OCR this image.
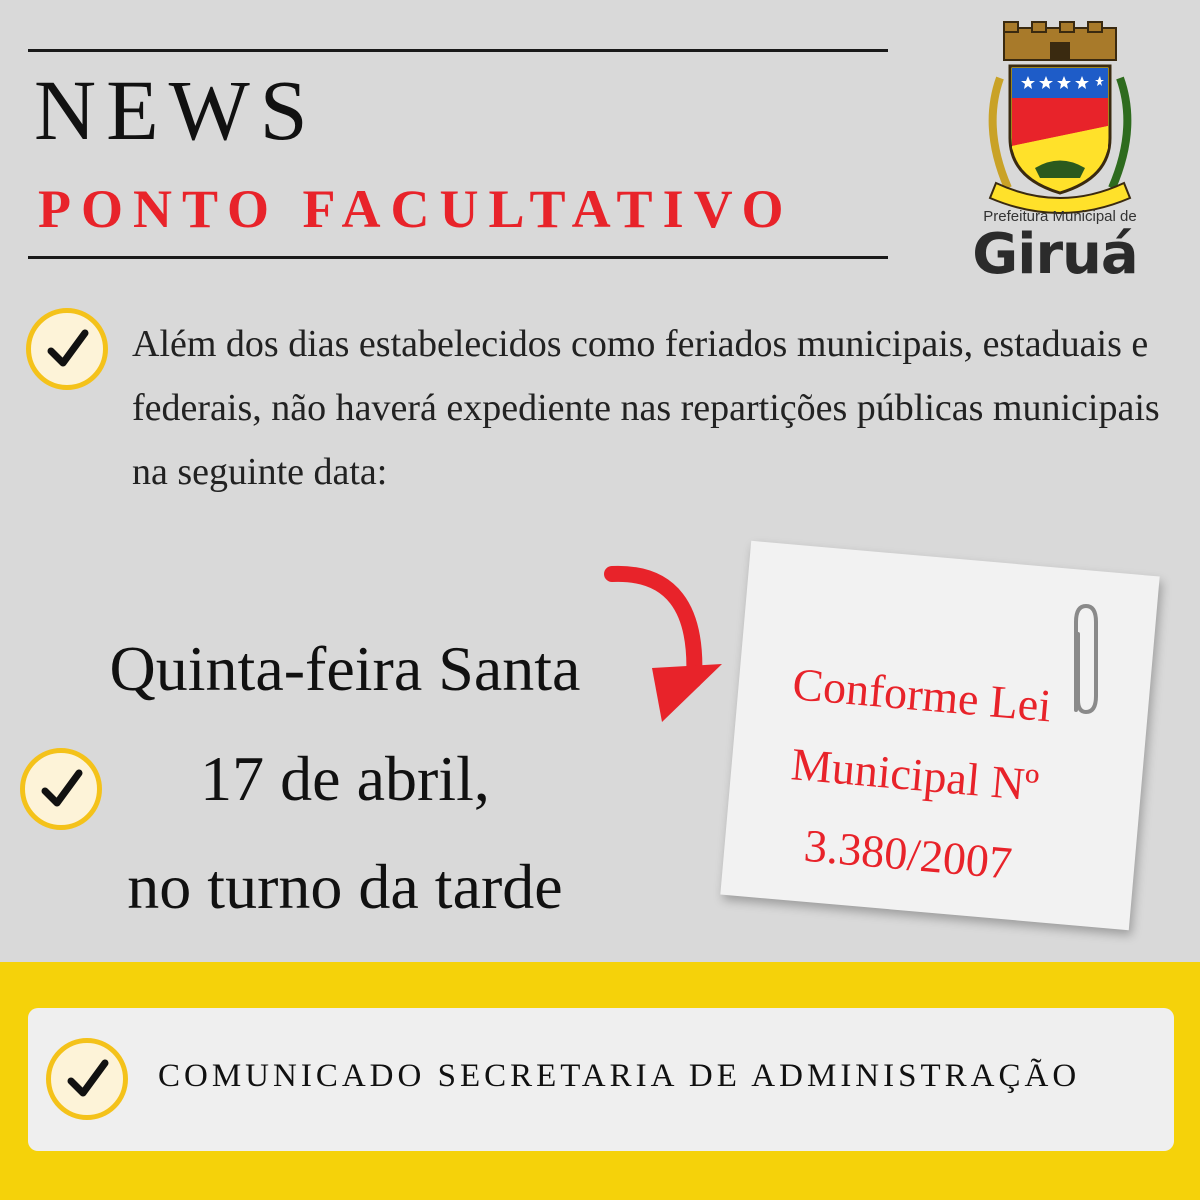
NEWS
PONTO FACULTATIVO	Prefeitura Municipal de
Giruá
Além dos dias estabelecidos como feriados municipais, estaduais e federais, não haverá expediente nas repartições públicas municipais na seguinte data:
Quinta-feira Santa
17 de abril,
no turno da tarde
Conforme Lei
Municipal Nº
3.380/2007
COMUNICADO SECRETARIA DE ADMINISTRAÇÃO
